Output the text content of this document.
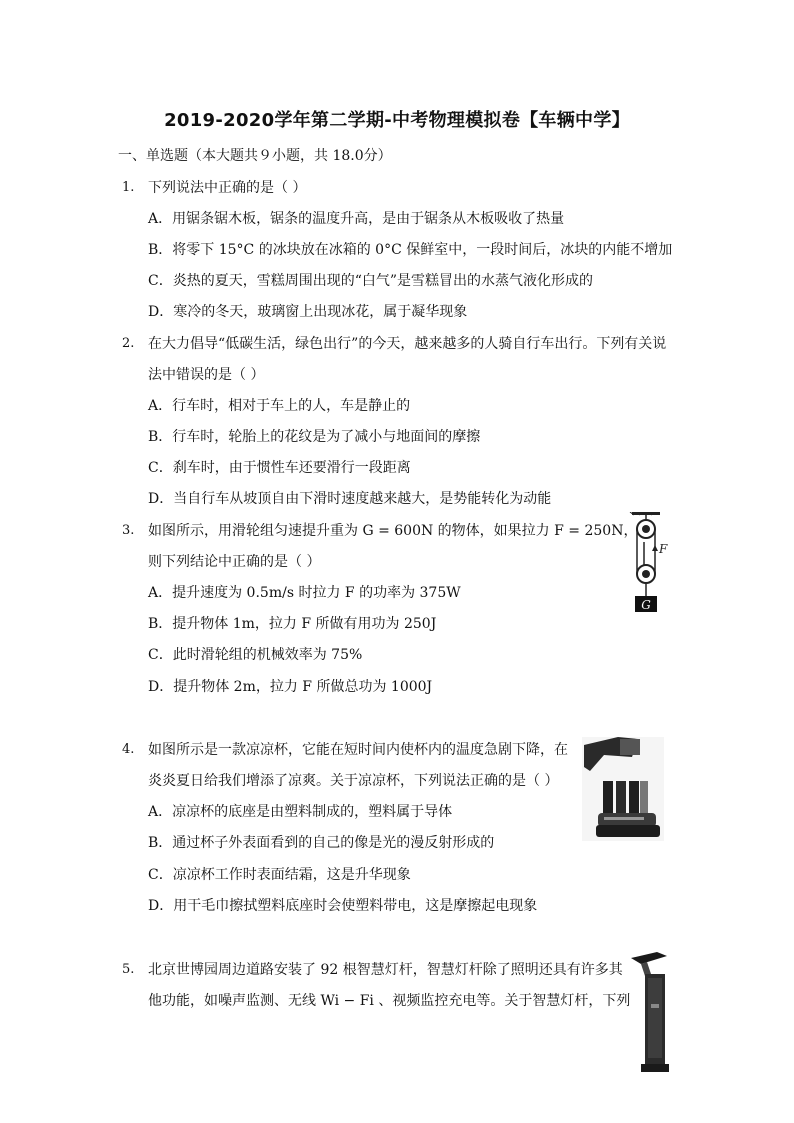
2019-2020学年第二学期-中考物理模拟卷【车辆中学】
一、单选题（本大题共９小题，共 18.0分）
1. 下列说法中正确的是（ ）
A．用锯条锯木板，锯条的温度升高，是由于锯条从木板吸收了热量
B．将零下 15°C 的冰块放在冰箱的 0°C 保鲜室中，一段时间后，冰块的内能不增加
C．炎热的夏天，雪糕周围出现的“白气”是雪糕冒出的水蒸气液化形成的
D．寒冷的冬天，玻璃窗上出现冰花，属于凝华现象
2. 在大力倡导“低碳生活，绿色出行”的今天，越来越多的人骑自行车出行。下列有关说
法中错误的是（ ）
A．行车时，相对于车上的人，车是静止的
B．行车时，轮胎上的花纹是为了减小与地面间的摩擦
C．刹车时，由于惯性车还要滑行一段距离
D．当自行车从坡顶自由下滑时速度越来越大，是势能转化为动能
3. 如图所示，用滑轮组匀速提升重为 G = 600N 的物体，如果拉力 F = 250N，
则下列结论中正确的是（ ）
A．提升速度为 0.5m/s 时拉力 F 的功率为 375W
B．提升物体 1m，拉力 F 所做有用功为 250J
C．此时滑轮组的机械效率为 75%
D．提升物体 2m，拉力 F 所做总功为 1000J
G
F
4. 如图所示是一款凉凉杯，它能在短时间内使杯内的温度急剧下降，在
炎炎夏日给我们增添了凉爽。关于凉凉杯，下列说法正确的是（ ）
A．凉凉杯的底座是由塑料制成的，塑料属于导体
B．通过杯子外表面看到的自己的像是光的漫反射形成的
C．凉凉杯工作时表面结霜，这是升华现象
D．用干毛巾擦拭塑料底座时会使塑料带电，这是摩擦起电现象
5. 北京世博园周边道路安装了 92 根智慧灯杆，智慧灯杆除了照明还具有许多其
他功能，如噪声监测、无线 Wi − Fi 、视频监控充电等。关于智慧灯杆，下列
